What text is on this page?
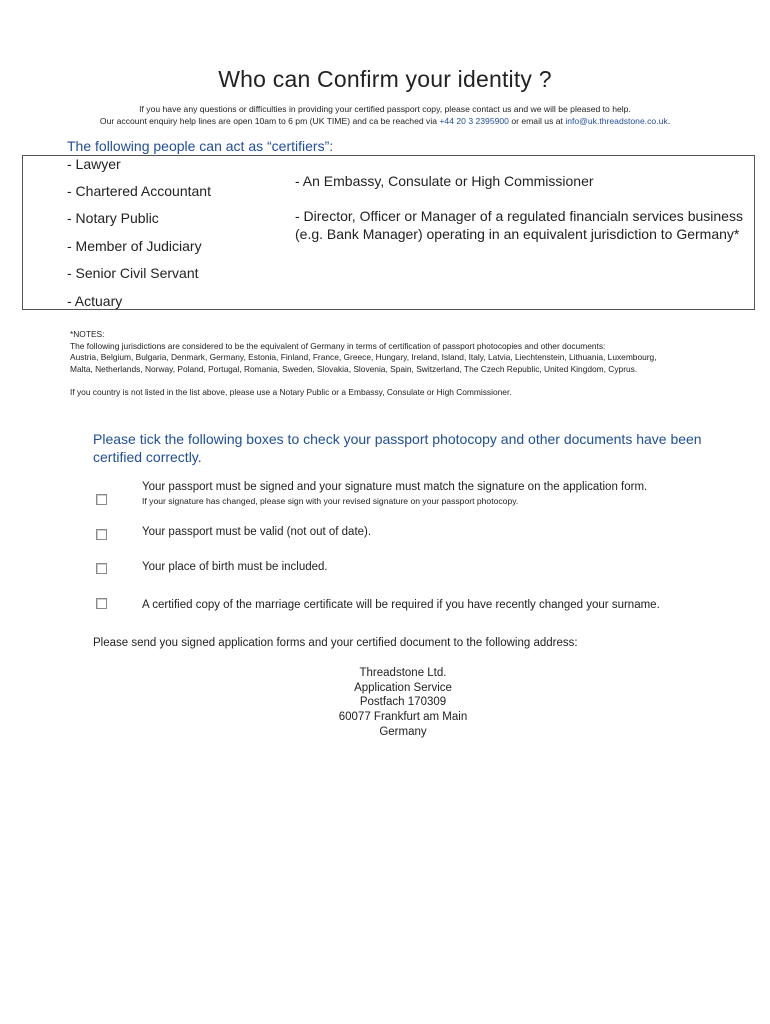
Who can Confirm your identity ?
If you have any questions or difficulties in providing your certified passport copy, please contact us and we will be pleased to help.
Our account enquiry help lines are open 10am to 6 pm (UK TIME) and ca be reached via +44 20 3 2395900 or email us at info@uk.threadstone.co.uk.
The following people can act as “certifiers”:
- Lawyer
- Chartered Accountant
- Notary Public
- Member of Judiciary
- Senior Civil Servant
- Actuary
- An Embassy, Consulate or High Commissioner
- Director, Officer or Manager of a regulated financialn services business (e.g. Bank Manager) operating in an equivalent jurisdiction to Germany*
*NOTES:
The following jurisdictions are considered to be the equivalent of Germany in terms of certification of passport photocopies and other documents:
Austria, Belgium, Bulgaria, Denmark, Germany, Estonia, Finland, France, Greece, Hungary, Ireland, Island, Italy, Latvia, Liechtenstein, Lithuania, Luxembourg,
Malta, Netherlands, Norway, Poland, Portugal, Romania, Sweden, Slovakia, Slovenia, Spain, Switzerland, The Czech Republic, United Kingdom, Cyprus.
If you country is not listed in the list above, please use a Notary Public or a Embassy, Consulate or High Commissioner.
Please tick the following boxes to check your passport photocopy and other documents have been certified correctly.
Your passport must be signed and your signature must match the signature on the application form.
If your signature has changed, please sign with your revised signature on your passport photocopy.
Your passport must be valid (not out of date).
Your place of birth must be included.
A certified copy of the marriage certificate will be required if you have recently changed your surname.
Please send you signed application forms and your certified document to the following address:
Threadstone Ltd.
Application Service
Postfach 170309
60077 Frankfurt am Main
Germany
